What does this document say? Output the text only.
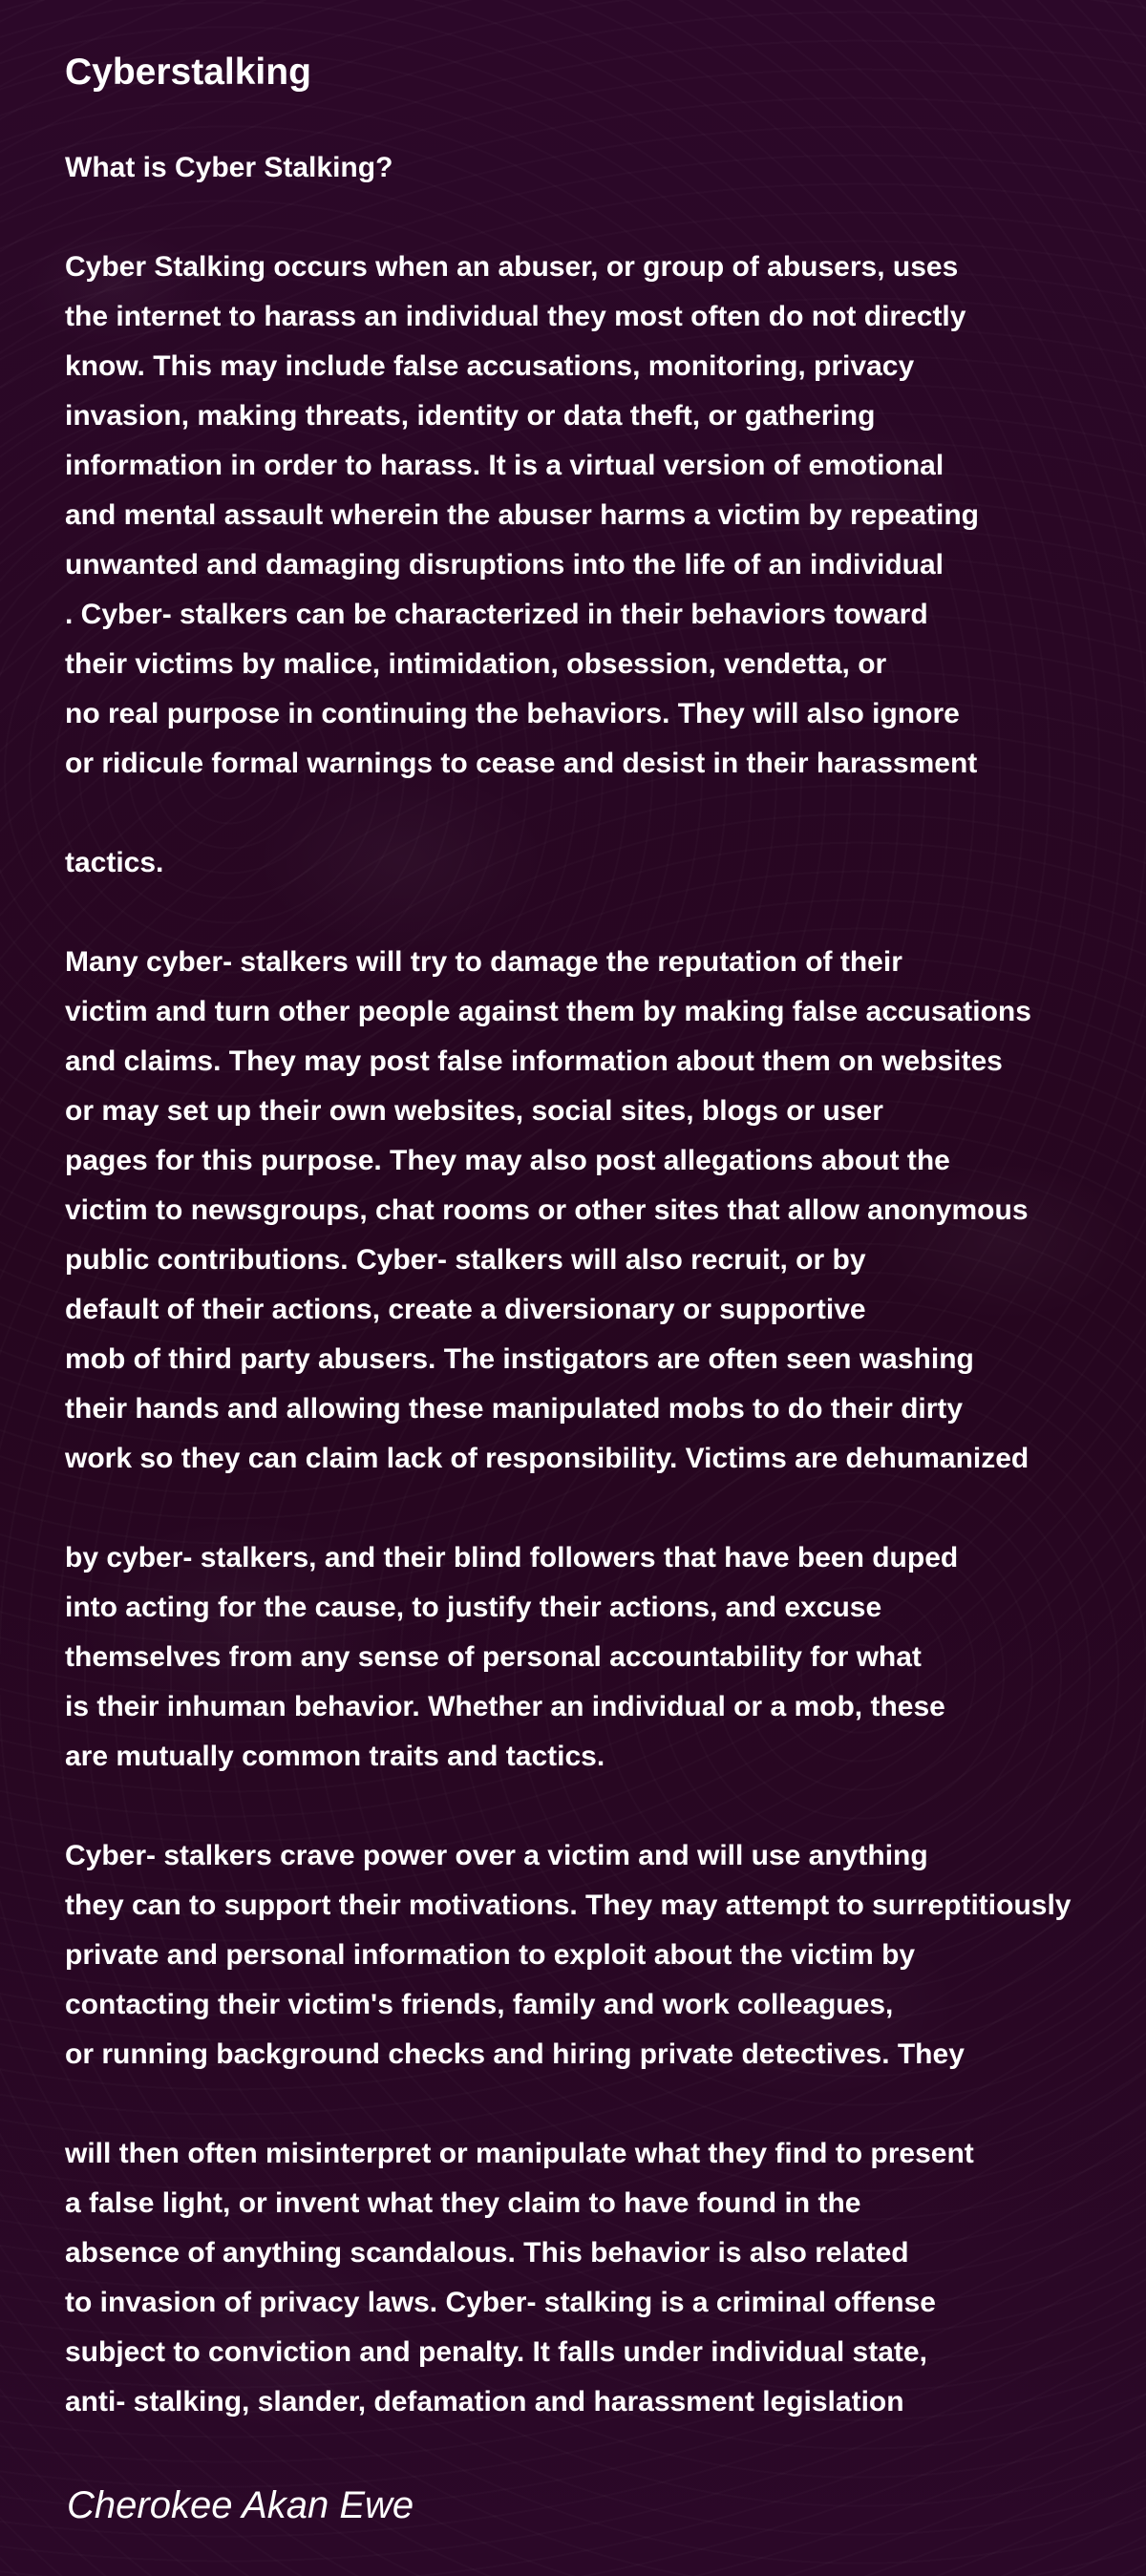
Cyberstalking
What is Cyber Stalking?
Cyber Stalking occurs when an abuser, or group of abusers, uses
the internet to harass an individual they most often do not directly
know. This may include false accusations, monitoring, privacy
invasion, making threats, identity or data theft, or gathering
information in order to harass. It is a virtual version of emotional
and mental assault wherein the abuser harms a victim by repeating
unwanted and damaging disruptions into the life of an individual
. Cyber- stalkers can be characterized in their behaviors toward
their victims by malice, intimidation, obsession, vendetta, or
no real purpose in continuing the behaviors. They will also ignore
or ridicule formal warnings to cease and desist in their harassment
tactics.
Many cyber- stalkers will try to damage the reputation of their
victim and turn other people against them by making false accusations
and claims. They may post false information about them on websites
or may set up their own websites, social sites, blogs or user
pages for this purpose. They may also post allegations about the
victim to newsgroups, chat rooms or other sites that allow anonymous
public contributions. Cyber- stalkers will also recruit, or by
default of their actions, create a diversionary or supportive
mob of third party abusers. The instigators are often seen washing
their hands and allowing these manipulated mobs to do their dirty
work so they can claim lack of responsibility. Victims are dehumanized
by cyber- stalkers, and their blind followers that have been duped
into acting for the cause, to justify their actions, and excuse
themselves from any sense of personal accountability for what
is their inhuman behavior. Whether an individual or a mob, these
are mutually common traits and tactics.
Cyber- stalkers crave power over a victim and will use anything
they can to support their motivations. They may attempt to surreptitiously
private and personal information to exploit about the victim by
contacting their victim's friends, family and work colleagues,
or running background checks and hiring private detectives. They
will then often misinterpret or manipulate what they find to present
a false light, or invent what they claim to have found in the
absence of anything scandalous. This behavior is also related
to invasion of privacy laws. Cyber- stalking is a criminal offense
subject to conviction and penalty. It falls under individual state,
anti- stalking, slander, defamation and harassment legislation
Cherokee Akan Ewe
